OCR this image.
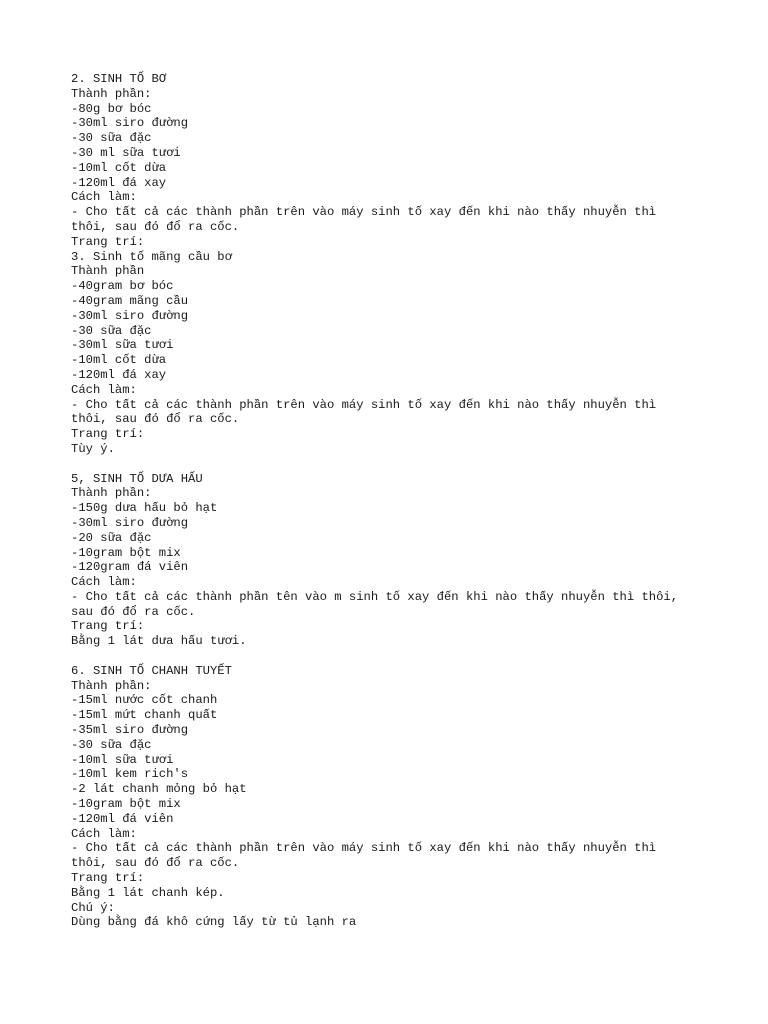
2. SINH TỐ BƠ
Thành phần:
-80g bơ bóc
-30ml siro đường
-30 sữa đặc
-30 ml sữa tươi
-10ml cốt dừa
-120ml đá xay
Cách làm:
- Cho tất cả các thành phần trên vào máy sinh tố xay đến khi nào thấy nhuyễn thì
thôi, sau đó đổ ra cốc.
Trang trí:
3. Sinh tố mãng cầu bơ
Thành phần
-40gram bơ bóc
-40gram mãng cầu
-30ml siro đường
-30 sữa đặc
-30ml sữa tươi
-10ml cốt dừa
-120ml đá xay
Cách làm:
- Cho tất cả các thành phần trên vào máy sinh tố xay đến khi nào thấy nhuyễn thì
thôi, sau đó đổ ra cốc.
Trang trí:
Tùy ý.
5, SINH TỐ DƯA HẤU
Thành phần:
-150g dưa hấu bỏ hạt
-30ml siro đường
-20 sữa đặc
-10gram bột mix
-120gram đá viên
Cách làm:
- Cho tất cả các thành phần tên vào m sinh tố xay đến khi nào thấy nhuyễn thì thôi,
sau đó đổ ra cốc.
Trang trí:
Bằng 1 lát dưa hấu tươi.
6. SINH TỐ CHANH TUYẾT
Thành phần:
-15ml nước cốt chanh
-15ml mứt chanh quất
-35ml siro đường
-30 sữa đặc
-10ml sữa tươi
-10ml kem rich's
-2 lát chanh mỏng bỏ hạt
-10gram bột mix
-120ml đá viên
Cách làm:
- Cho tất cả các thành phần trên vào máy sinh tố xay đến khi nào thấy nhuyễn thì
thôi, sau đó đổ ra cốc.
Trang trí:
Bằng 1 lát chanh kép.
Chú ý:
Dùng bằng đá khô cứng lấy từ tủ lạnh ra
